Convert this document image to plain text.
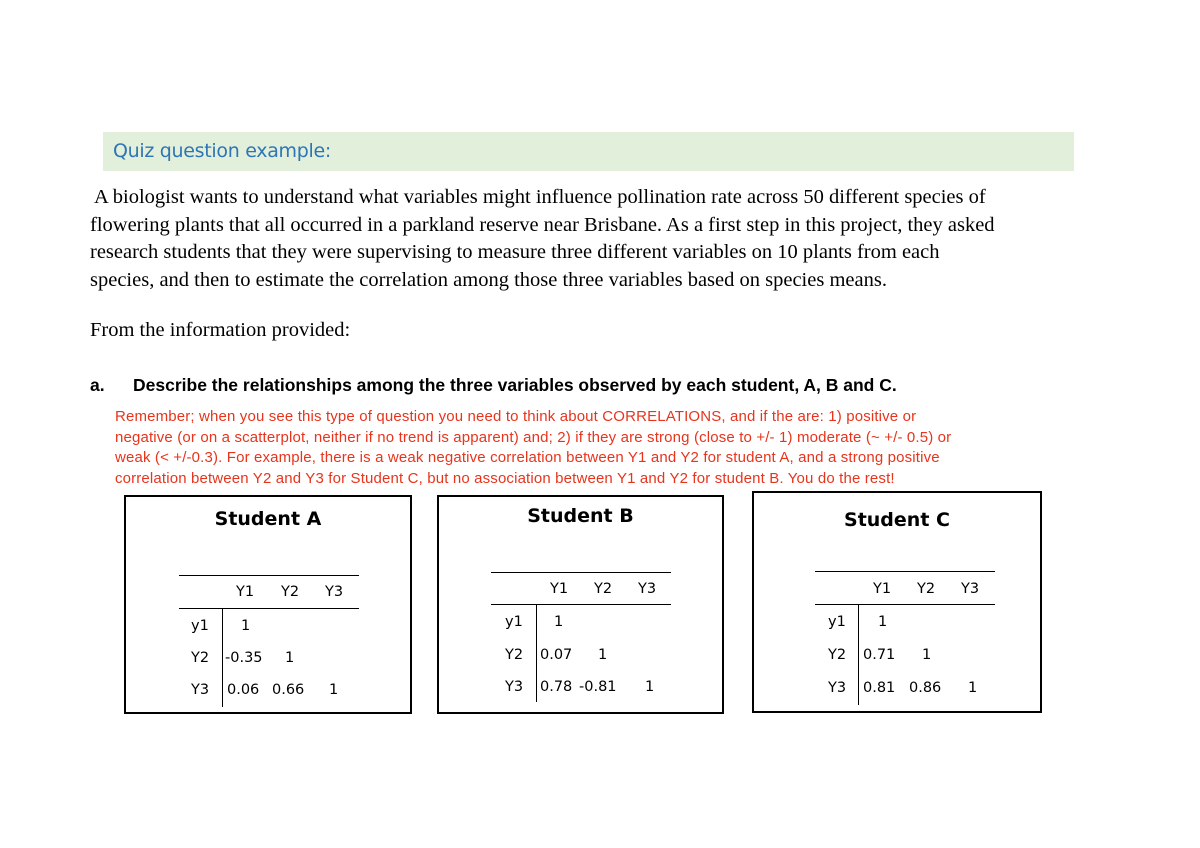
Quiz question example:
A biologist wants to understand what variables might influence pollination rate across 50 different species of
flowering plants that all occurred in a parkland reserve near Brisbane. As a first step in this project, they asked
research students that they were supervising to measure three different variables on 10 plants from each
species, and then to estimate the correlation among those three variables based on species means.
From the information provided:
a. Describe the relationships among the three variables observed by each student, A, B and C.
Remember; when you see this type of question you need to think about CORRELATIONS, and if the are: 1) positive or
negative (or on a scatterplot, neither if no trend is apparent) and; 2) if they are strong (close to +/- 1) moderate (~ +/- 0.5) or
weak (< +/-0.3). For example, there is a weak negative correlation between Y1 and Y2 for student A, and a strong positive
correlation between Y2 and Y3 for Student C, but no association between Y1 and Y2 for student B. You do the rest!
Student A
Y1 Y2 Y3
y1
Y2
Y3
1
-0.35 1
0.06 0.66 1
Student B
Y1 Y2 Y3
y1
Y2
Y3
1
0.07 1
0.78 -0.81 1
Student C
Y1 Y2 Y3
y1
Y2
Y3
1
0.71 1
0.81 0.86 1
